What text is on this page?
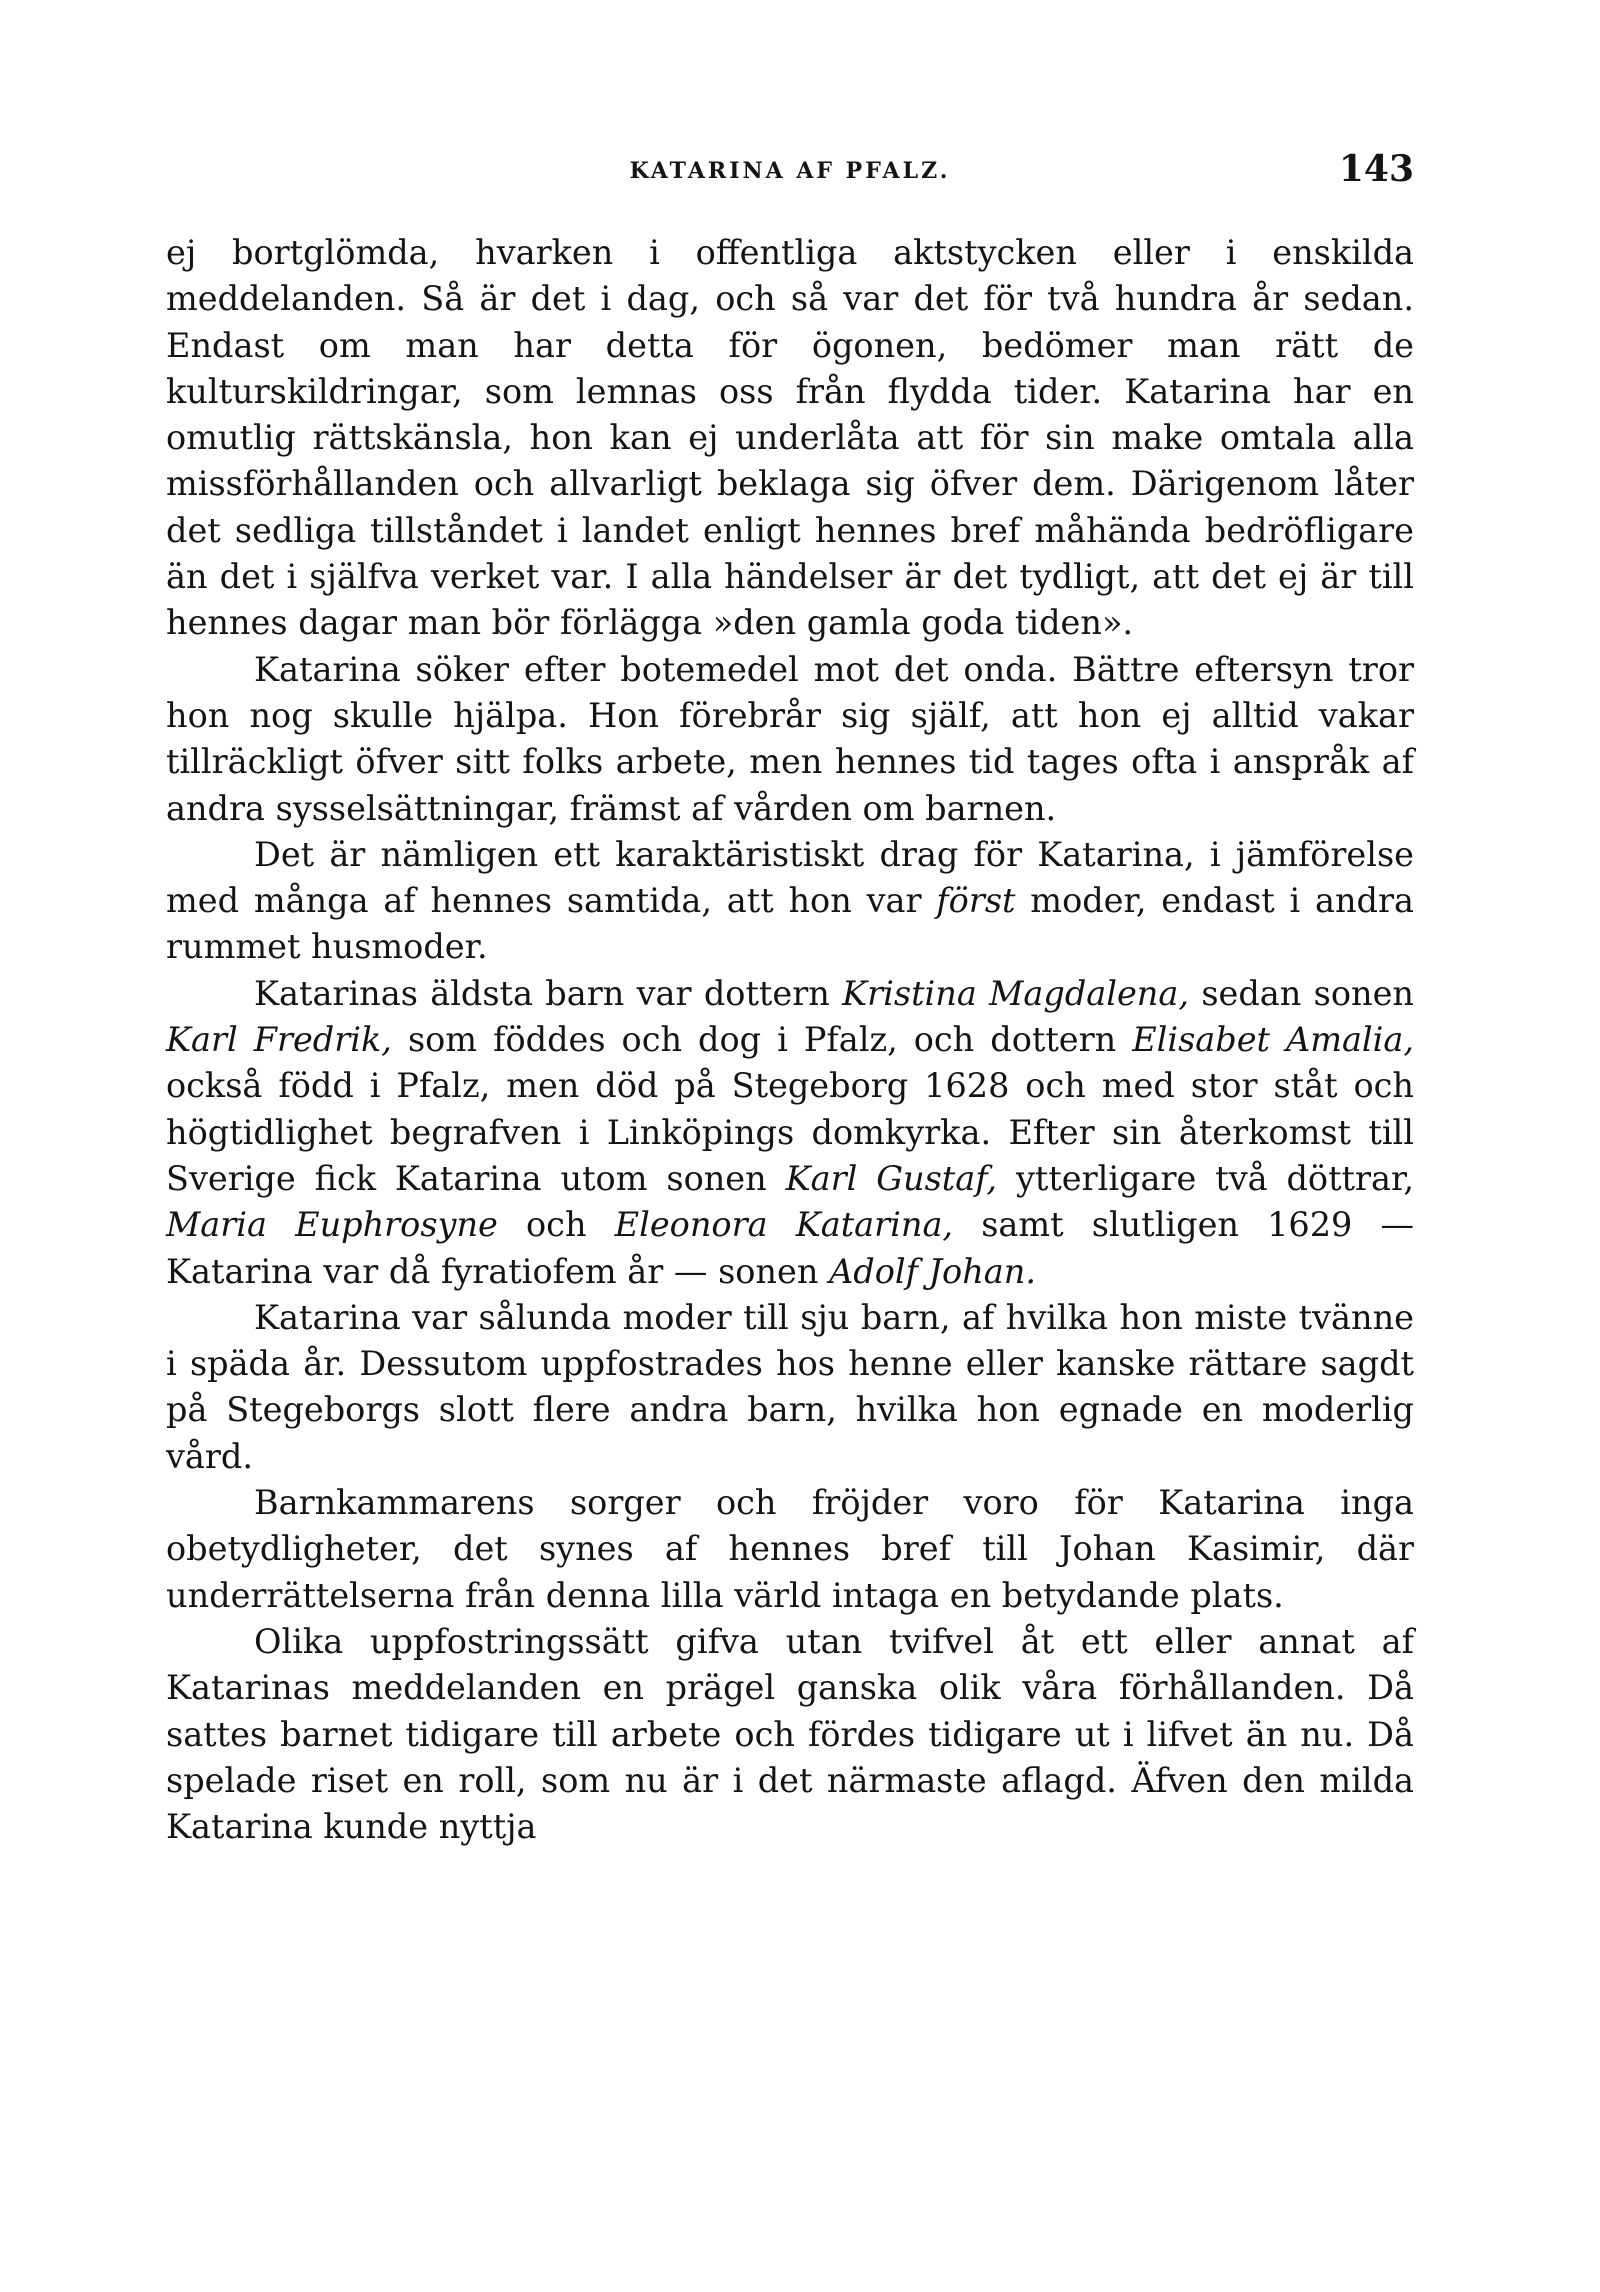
KATARINA AF PFALZ.	143

ej bortglömda, hvarken i offentliga aktstycken eller i enskilda meddelanden. Så är det i dag, och så var det för två hundra år sedan. Endast om man har detta för ögonen, bedömer man rätt de kulturskildringar, som lemnas oss från flydda tider. Katarina har en omutlig rättskänsla, hon kan ej underlåta att för sin make omtala alla missförhållanden och allvarligt beklaga sig öfver dem. Därigenom låter det sedliga tillståndet i landet enligt hennes bref måhända bedröfligare än det i själfva verket var. I alla händelser är det tydligt, att det ej är till hennes dagar man bör förlägga »den gamla goda tiden».

Katarina söker efter botemedel mot det onda. Bättre eftersyn tror hon nog skulle hjälpa. Hon förebrår sig själf, att hon ej alltid vakar tillräckligt öfver sitt folks arbete, men hennes tid tages ofta i anspråk af andra sysselsättningar, främst af vården om barnen.

Det är nämligen ett karaktäristiskt drag för Katarina, i jämförelse med många af hennes samtida, att hon var först moder, endast i andra rummet husmoder.

Katarinas äldsta barn var dottern Kristina Magdalena, sedan sonen Karl Fredrik, som föddes och dog i Pfalz, och dottern Elisabet Amalia, också född i Pfalz, men död på Stegeborg 1628 och med stor ståt och högtidlighet begrafven i Linköpings domkyrka. Efter sin återkomst till Sverige fick Katarina utom sonen Karl Gustaf, ytterligare två döttrar, Maria Euphrosyne och Eleonora Katarina, samt slutligen 1629 — Katarina var då fyratiofem år — sonen Adolf Johan.

Katarina var sålunda moder till sju barn, af hvilka hon miste tvänne i späda år. Dessutom uppfostrades hos henne eller kanske rättare sagdt på Stegeborgs slott flere andra barn, hvilka hon egnade en moderlig vård.

Barnkammarens sorger och fröjder voro för Katarina inga obetydligheter, det synes af hennes bref till Johan Kasimir, där underrättelserna från denna lilla värld intaga en betydande plats.

Olika uppfostringssätt gifva utan tvifvel åt ett eller annat af Katarinas meddelanden en prägel ganska olik våra förhållanden. Då sattes barnet tidigare till arbete och fördes tidigare ut i lifvet än nu. Då spelade riset en roll, som nu är i det närmaste aflagd. Äfven den milda Katarina kunde nyttja
